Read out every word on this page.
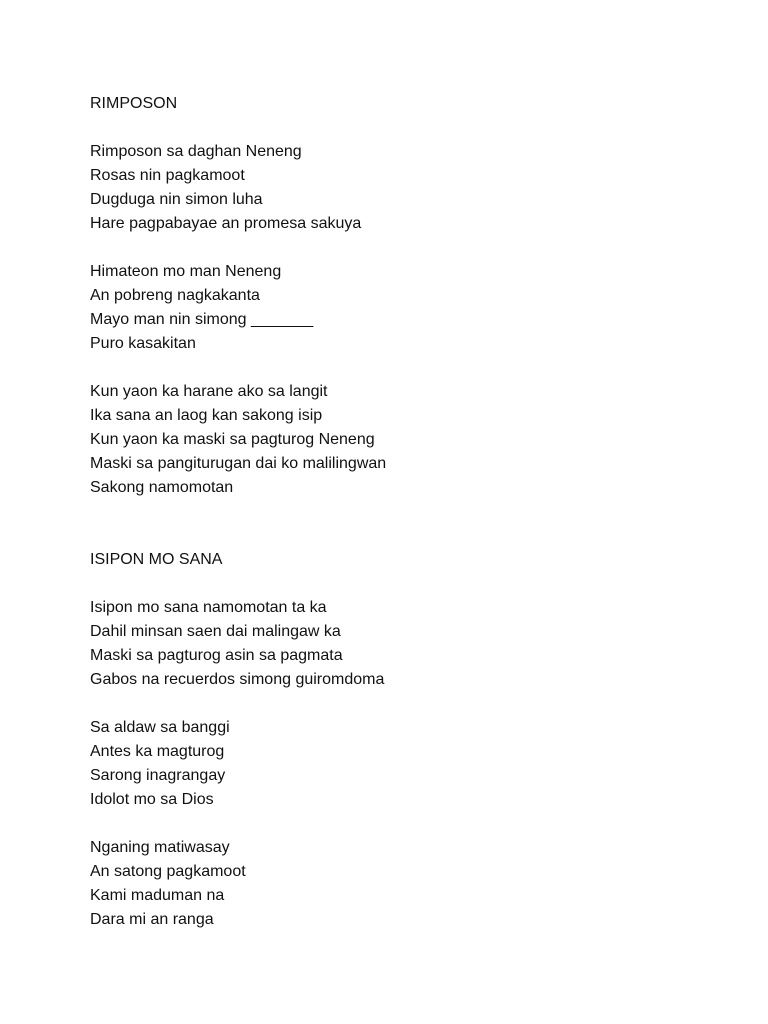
RIMPOSON
Rimposon sa daghan Neneng
Rosas nin pagkamoot
Dugduga nin simon luha
Hare pagpabayae an promesa sakuya
Himateon mo man Neneng
An pobreng nagkakanta
Mayo man nin simong _______
Puro kasakitan
Kun yaon ka harane ako sa langit
Ika sana an laog kan sakong isip
Kun yaon ka maski sa pagturog Neneng
Maski sa pangiturugan dai ko malilingwan
Sakong namomotan
ISIPON MO SANA
Isipon mo sana namomotan ta ka
Dahil minsan saen dai malingaw ka
Maski sa pagturog asin sa pagmata
Gabos na recuerdos simong guiromdoma
Sa aldaw sa banggi
Antes ka magturog
Sarong inagrangay
Idolot mo sa Dios
Nganing matiwasay
An satong pagkamoot
Kami maduman na
Dara mi an ranga
